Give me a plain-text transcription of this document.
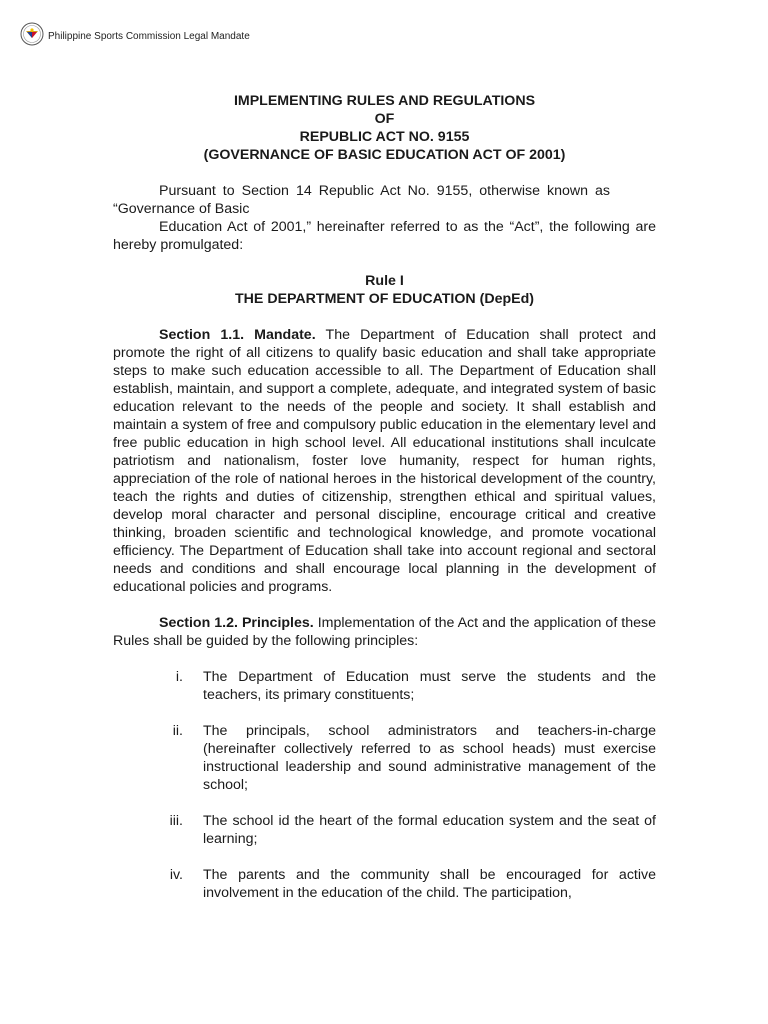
Philippine Sports Commission Legal Mandate
IMPLEMENTING RULES AND REGULATIONS
OF
REPUBLIC ACT NO. 9155
(GOVERNANCE OF BASIC EDUCATION ACT OF 2001)

Pursuant to Section 14 Republic Act No. 9155, otherwise known as “Governance of Basic

Education Act of 2001,” hereinafter referred to as the “Act”, the following are hereby promulgated:

Rule I
THE DEPARTMENT OF EDUCATION (DepEd)

Section 1.1. Mandate. The Department of Education shall protect and promote the right of all citizens to qualify basic education and shall take appropriate steps to make such education accessible to all. The Department of Education shall establish, maintain, and support a complete, adequate, and integrated system of basic education relevant to the needs of the people and society. It shall establish and maintain a system of free and compulsory public education in the elementary level and free public education in high school level. All educational institutions shall inculcate patriotism and nationalism, foster love humanity, respect for human rights, appreciation of the role of national heroes in the historical development of the country, teach the rights and duties of citizenship, strengthen ethical and spiritual values, develop moral character and personal discipline, encourage critical and creative thinking, broaden scientific and technological knowledge, and promote vocational efficiency. The Department of Education shall take into account regional and sectoral needs and conditions and shall encourage local planning in the development of educational policies and programs.

Section 1.2. Principles. Implementation of the Act and the application of these Rules shall be guided by the following principles:

i.	The Department of Education must serve the students and the teachers, its primary constituents;
ii.	The principals, school administrators and teachers-in-charge (hereinafter collectively referred to as school heads) must exercise instructional leadership and sound administrative management of the school;
iii.	The school id the heart of the formal education system and the seat of learning;
iv.	The parents and the community shall be encouraged for active involvement in the education of the child. The participation,
